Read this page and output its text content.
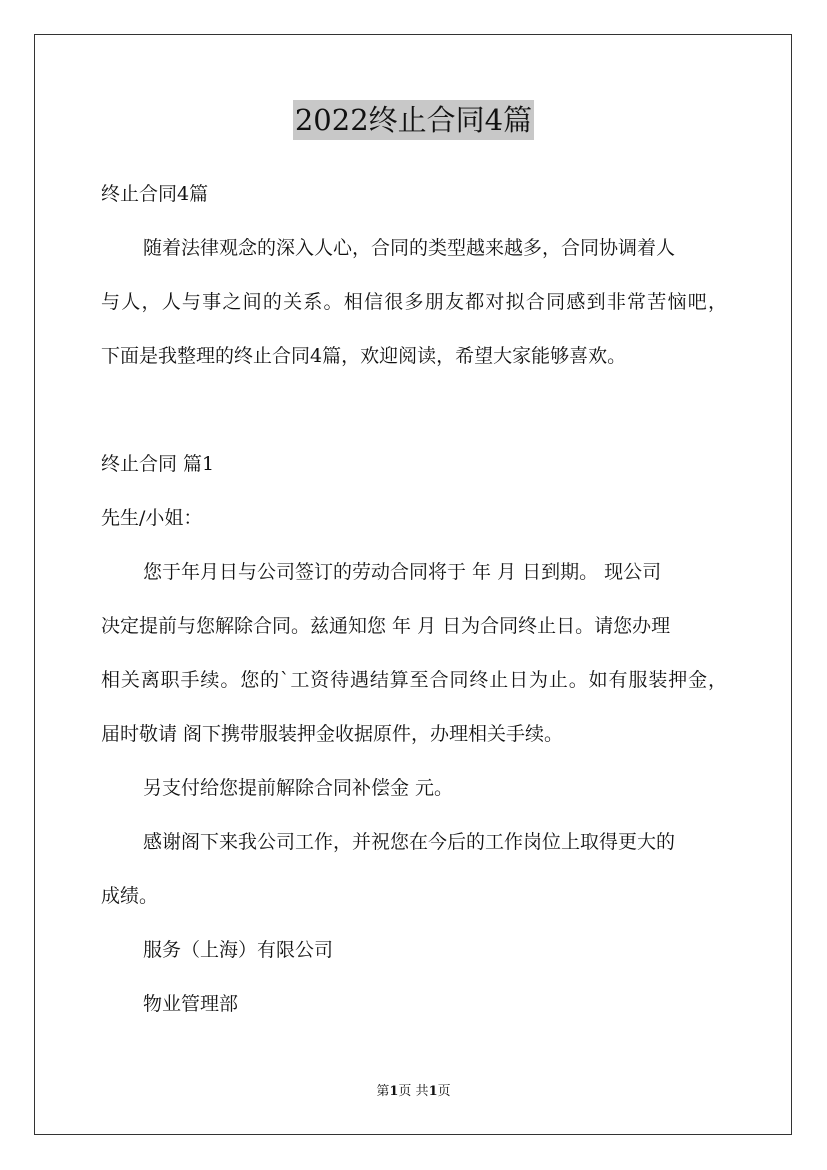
2022终止合同4篇

终止合同4篇

随着法律观念的深入人心，合同的类型越来越多，合同协调着人

与人，人与事之间的关系。相信很多朋友都对拟合同感到非常苦恼吧，

下面是我整理的终止合同4篇，欢迎阅读，希望大家能够喜欢。

终止合同 篇1

先生/小姐：

您于年月日与公司签订的劳动合同将于 年 月 日到期。 现公司

决定提前与您解除合同。兹通知您 年 月 日为合同终止日。请您办理

相关离职手续。您的`工资待遇结算至合同终止日为止。如有服装押金，

届时敬请 阁下携带服装押金收据原件，办理相关手续。

另支付给您提前解除合同补偿金 元。

感谢阁下来我公司工作，并祝您在今后的工作岗位上取得更大的

成绩。

服务（上海）有限公司

物业管理部

第1页 共1页
